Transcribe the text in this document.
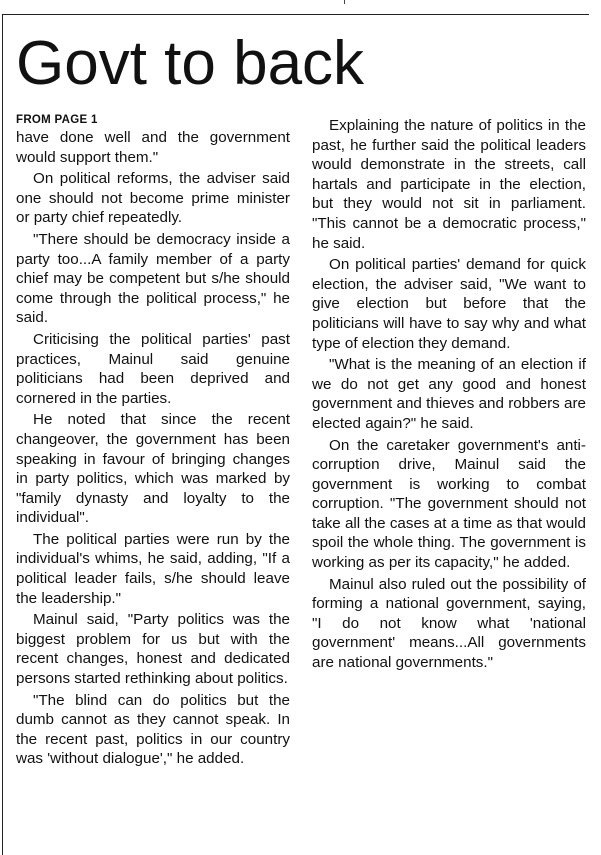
Govt to back
FROM PAGE 1

have done well and the government would support them."

On political reforms, the adviser said one should not become prime minister or party chief repeatedly.

"There should be democracy inside a party too...A family member of a party chief may be competent but s/he should come through the political process," he said.

Criticising the political parties' past practices, Mainul said genuine politicians had been deprived and cornered in the parties.

He noted that since the recent changeover, the government has been speaking in favour of bringing changes in party politics, which was marked by "family dynasty and loyalty to the individual".

The political parties were run by the individual's whims, he said, adding, "If a political leader fails, s/he should leave the leadership."

Mainul said, "Party politics was the biggest problem for us but with the recent changes, honest and dedicated persons started rethinking about politics.

"The blind can do politics but the dumb cannot as they cannot speak. In the recent past, politics in our country was 'without dialogue'," he added.

Explaining the nature of politics in the past, he further said the political leaders would demonstrate in the streets, call hartals and participate in the election, but they would not sit in parliament. "This cannot be a democratic process," he said.

On political parties' demand for quick election, the adviser said, "We want to give election but before that the politicians will have to say why and what type of election they demand.

"What is the meaning of an election if we do not get any good and honest government and thieves and robbers are elected again?" he said.

On the caretaker government's anti-corruption drive, Mainul said the government is working to combat corruption. "The government should not take all the cases at a time as that would spoil the whole thing. The government is working as per its capacity," he added.

Mainul also ruled out the possibility of forming a national government, saying, "I do not know what 'national government' means...All governments are national governments."
